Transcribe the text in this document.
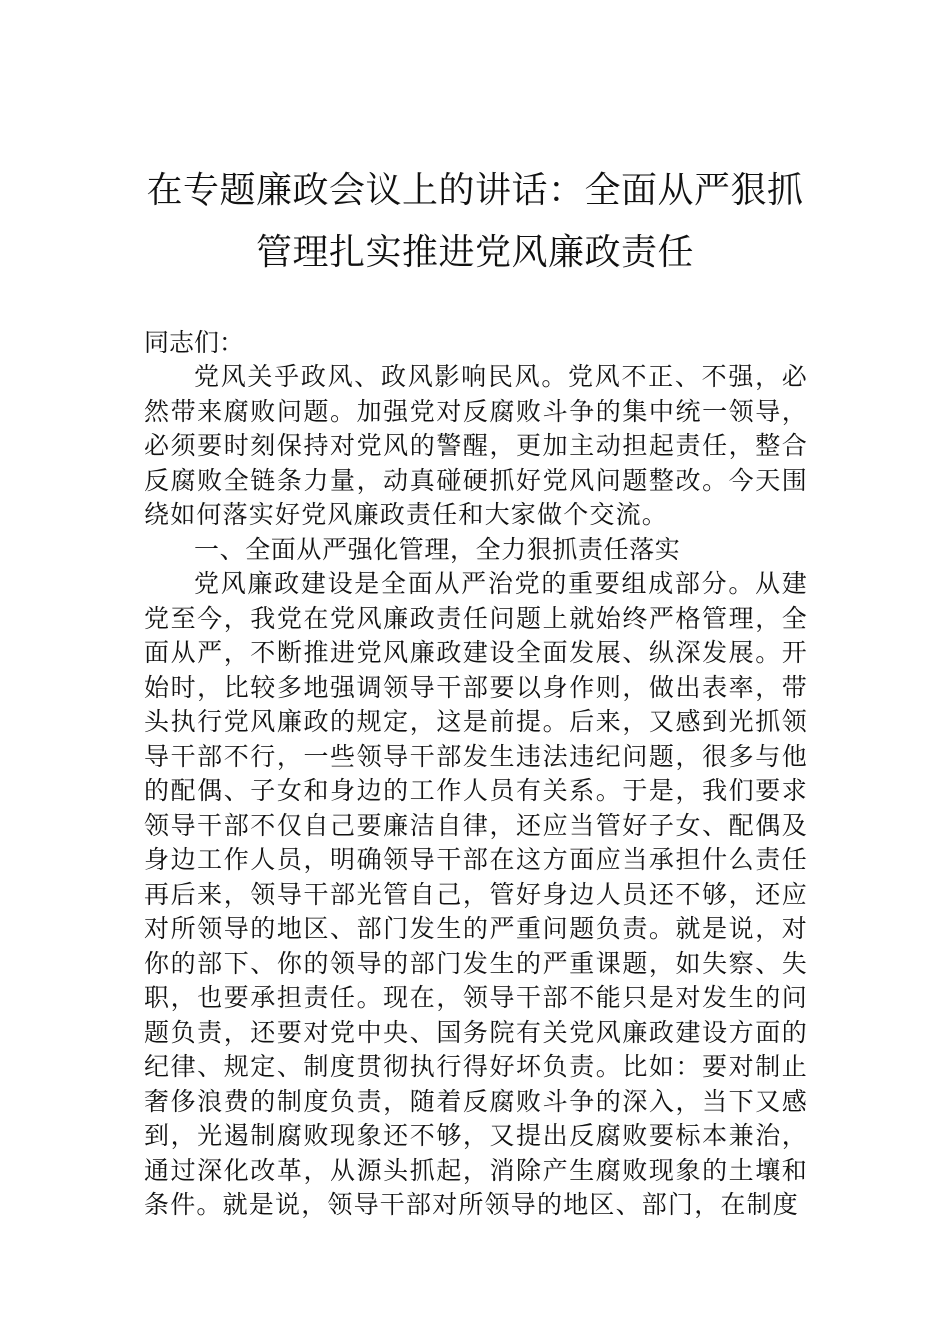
在专题廉政会议上的讲话：全面从严狠抓
管理扎实推进党风廉政责任

同志们：

党风关乎政风、政风影响民风。党风不正、不强，必然带来腐败问题。加强党对反腐败斗争的集中统一领导，必须要时刻保持对党风的警醒，更加主动担起责任，整合反腐败全链条力量，动真碰硬抓好党风问题整改。今天围绕如何落实好党风廉政责任和大家做个交流。

一、全面从严强化管理，全力狠抓责任落实

党风廉政建设是全面从严治党的重要组成部分。从建党至今，我党在党风廉政责任问题上就始终严格管理，全面从严，不断推进党风廉政建设全面发展、纵深发展。开始时，比较多地强调领导干部要以身作则，做出表率，带头执行党风廉政的规定，这是前提。后来，又感到光抓领导干部不行，一些领导干部发生违法违纪问题，很多与他的配偶、子女和身边的工作人员有关系。于是，我们要求领导干部不仅自己要廉洁自律，还应当管好子女、配偶及身边工作人员，明确领导干部在这方面应当承担什么责任再后来，领导干部光管自己，管好身边人员还不够，还应对所领导的地区、部门发生的严重问题负责。就是说，对你的部下、你的领导的部门发生的严重课题，如失察、失职，也要承担责任。现在，领导干部不能只是对发生的问题负责，还要对党中央、国务院有关党风廉政建设方面的纪律、规定、制度贯彻执行得好坏负责。比如：要对制止奢侈浪费的制度负责，随着反腐败斗争的深入，当下又感到，光遏制腐败现象还不够，又提出反腐败要标本兼治，通过深化改革，从源头抓起，消除产生腐败现象的土壤和条件。就是说，领导干部对所领导的地区、部门，在制度
